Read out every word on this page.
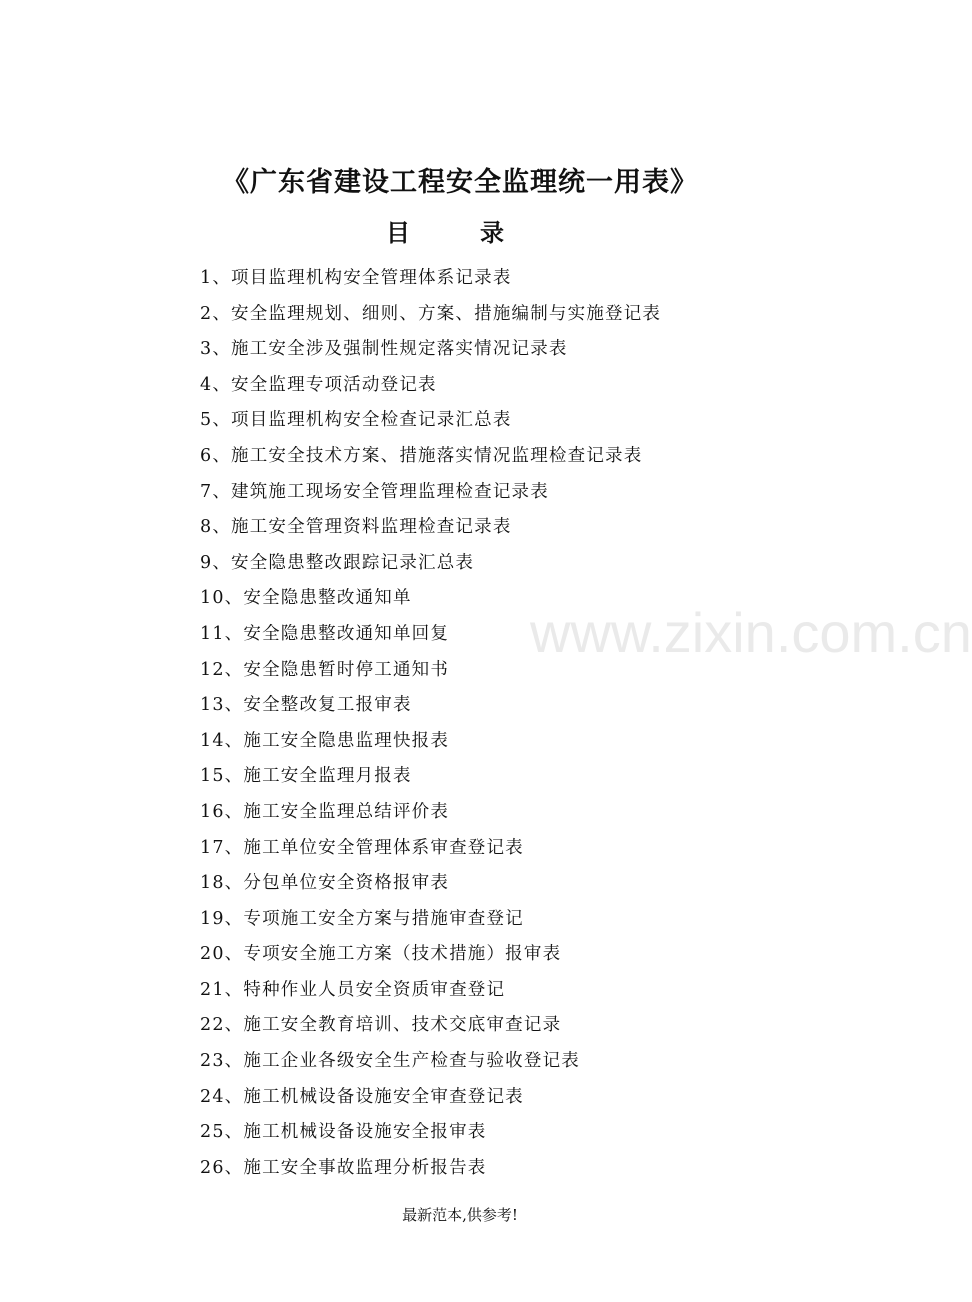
www.zixin.com.cn
《广东省建设工程安全监理统一用表》
目录
1、项目监理机构安全管理体系记录表
2、安全监理规划、细则、方案、措施编制与实施登记表
3、施工安全涉及强制性规定落实情况记录表
4、安全监理专项活动登记表
5、项目监理机构安全检查记录汇总表
6、施工安全技术方案、措施落实情况监理检查记录表
7、建筑施工现场安全管理监理检查记录表
8、施工安全管理资料监理检查记录表
9、安全隐患整改跟踪记录汇总表
10、安全隐患整改通知单
11、安全隐患整改通知单回复
12、安全隐患暂时停工通知书
13、安全整改复工报审表
14、施工安全隐患监理快报表
15、施工安全监理月报表
16、施工安全监理总结评价表
17、施工单位安全管理体系审查登记表
18、分包单位安全资格报审表
19、专项施工安全方案与措施审查登记
20、专项安全施工方案（技术措施）报审表
21、特种作业人员安全资质审查登记
22、施工安全教育培训、技术交底审查记录
23、施工企业各级安全生产检查与验收登记表
24、施工机械设备设施安全审查登记表
25、施工机械设备设施安全报审表
26、施工安全事故监理分析报告表
最新范本,供参考!
